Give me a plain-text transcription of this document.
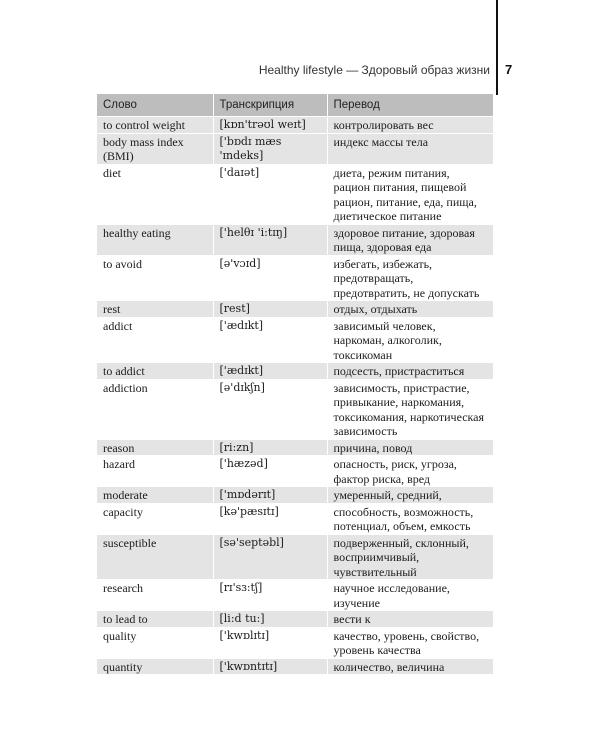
Healthy lifestyle — Здоровый образ жизни 7
Слово	Транскрипция	Перевод
to control weight	[kɒn'trəʊl weɪt]	контролировать вес
body mass index (BMI)	['bɒdɪ mæs 'ɪndeks]	индекс массы тела
diet	['daɪət]	диета, режим питания, рацион питания, пищевой рацион, питание, еда, пища, диетическое питание
healthy eating	['helθɪ 'i:tɪŋ]	здоровое питание, здоровая пища, здоровая еда
to avoid	[ə'vɔɪd]	избегать, избежать, предотвращать, предотвратить, не допускать
rest	[rest]	отдых, отдыхать
addict	['ædɪkt]	зависимый человек, наркоман, алкоголик, токсикоман
to addict	['ædɪkt]	подсесть, пристраститься
addiction	[ə'dɪkʃn]	зависимость, пристрастие, привыкание, наркомания, токсикомания, наркотическая зависимость
reason	[ri:zn]	причина, повод
hazard	['hæzəd]	опасность, риск, угроза, фактор риска, вред
moderate	['mɒdərɪt]	умеренный, средний,
capacity	[kə'pæsɪtɪ]	способность, возможность, потенциал, объем, емкость
susceptible	[sə'septəbl]	подверженный, склонный, восприимчивый, чувствительный
research	[rɪ'sɜ:tʃ]	научное исследование, изучение
to lead to	[li:d tu:]	вести к
quality	['kwɒlɪtɪ]	качество, уровень, свойство, уровень качества
quantity	['kwɒntɪtɪ]	количество, величина
